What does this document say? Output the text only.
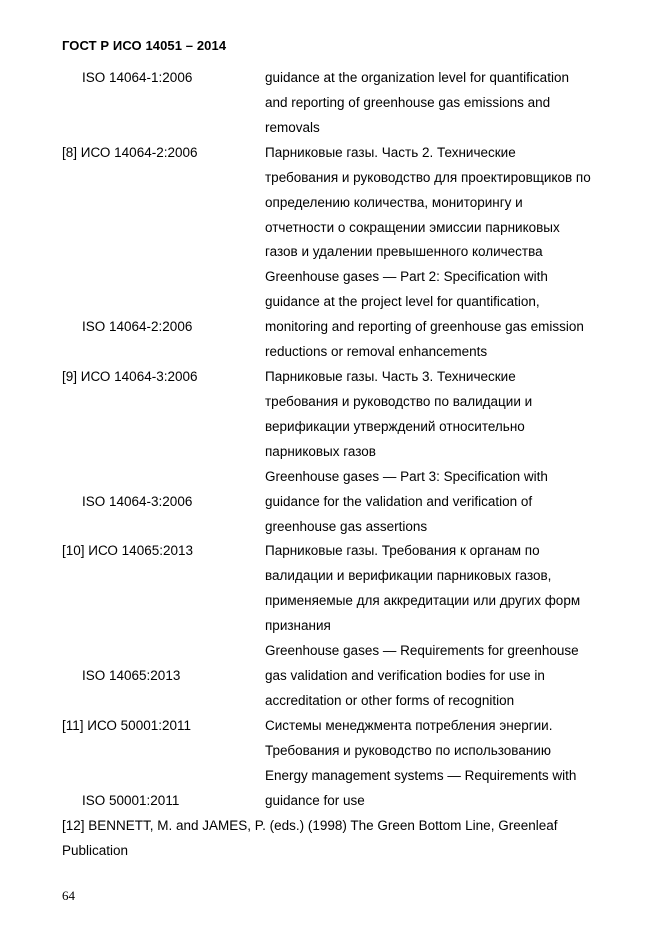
ГОСТ Р ИСО 14051 – 2014
ISO 14064-1:2006	guidance at the organization level for quantification
and reporting of greenhouse gas emissions and
removals
[8] ИСО 14064-2:2006	Парниковые газы. Часть 2. Технические
требования и руководство для проектировщиков по
определению количества, мониторингу и
отчетности о сокращении эмиссии парниковых
газов и удалении превышенного количества
Greenhouse gases — Part 2: Specification with
guidance at the project level for quantification,
ISO 14064-2:2006	monitoring and reporting of greenhouse gas emission
reductions or removal enhancements
[9] ИСО 14064-3:2006	Парниковые газы. Часть 3. Технические
требования и руководство по валидации и
верификации утверждений относительно
парниковых газов
Greenhouse gases — Part 3: Specification with
ISO 14064-3:2006	guidance for the validation and verification of
greenhouse gas assertions
[10] ИСО 14065:2013	Парниковые газы. Требования к органам по
валидации и верификации парниковых газов,
применяемые для аккредитации или других форм
признания
Greenhouse gases — Requirements for greenhouse
ISO 14065:2013	gas validation and verification bodies for use in
accreditation or other forms of recognition
[11] ИСО 50001:2011	Системы менеджмента потребления энергии.
Требования и руководство по использованию
Energy management systems — Requirements with
ISO 50001:2011	guidance for use
[12] BENNETT, M. and JAMES, P. (eds.) (1998) The Green Bottom Line, Greenleaf
Publication
64
